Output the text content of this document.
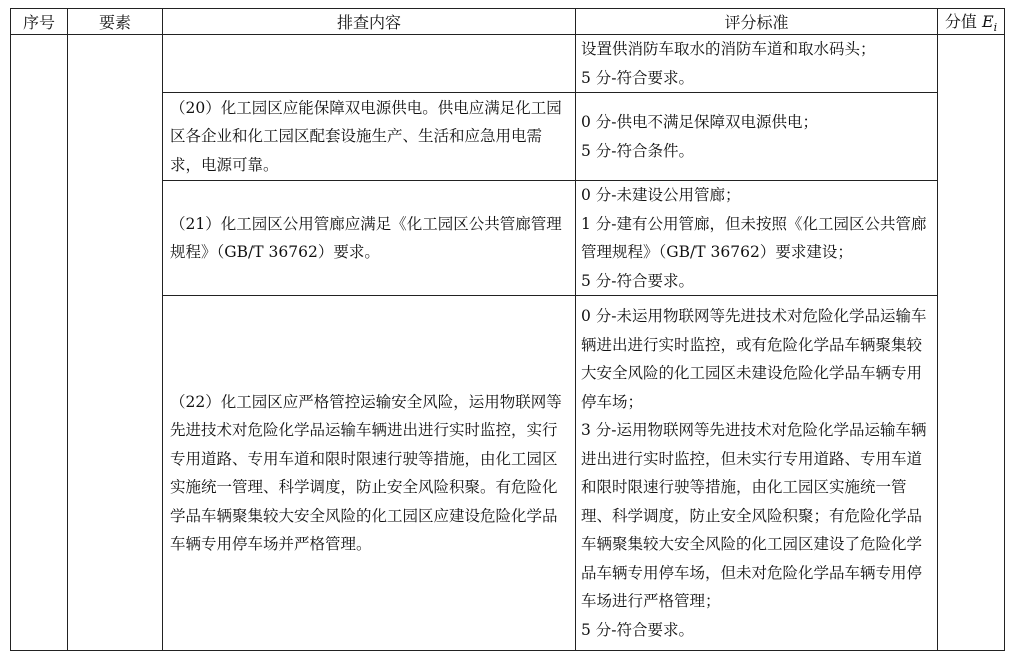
序号	要素	排查内容	评分标准	分值 $E_i$
			设置供消防车取水的消防车道和取水码头；
5 分-符合要求。	
		（20）化工园区应能保障双电源供电。供电应满足化工园区各企业和化工园区配套设施生产、生活和应急用电需求，电源可靠。	0 分-供电不满足保障双电源供电；
5 分-符合条件。	
		（21）化工园区公用管廊应满足《化工园区公共管廊管理规程》（GB/T 36762）要求。	0 分-未建设公用管廊；
1 分-建有公用管廊，但未按照《化工园区公共管廊管理规程》（GB/T 36762）要求建设；
5 分-符合要求。	
		（22）化工园区应严格管控运输安全风险，运用物联网等先进技术对危险化学品运输车辆进出进行实时监控，实行专用道路、专用车道和限时限速行驶等措施，由化工园区实施统一管理、科学调度，防止安全风险积聚。有危险化学品车辆聚集较大安全风险的化工园区应建设危险化学品车辆专用停车场并严格管理。	0 分-未运用物联网等先进技术对危险化学品运输车辆进出进行实时监控，或有危险化学品车辆聚集较大安全风险的化工园区未建设危险化学品车辆专用停车场；
3 分-运用物联网等先进技术对危险化学品运输车辆进出进行实时监控，但未实行专用道路、专用车道和限时限速行驶等措施，由化工园区实施统一管理、科学调度，防止安全风险积聚；有危险化学品车辆聚集较大安全风险的化工园区建设了危险化学品车辆专用停车场，但未对危险化学品车辆专用停车场进行严格管理；
5 分-符合要求。	
